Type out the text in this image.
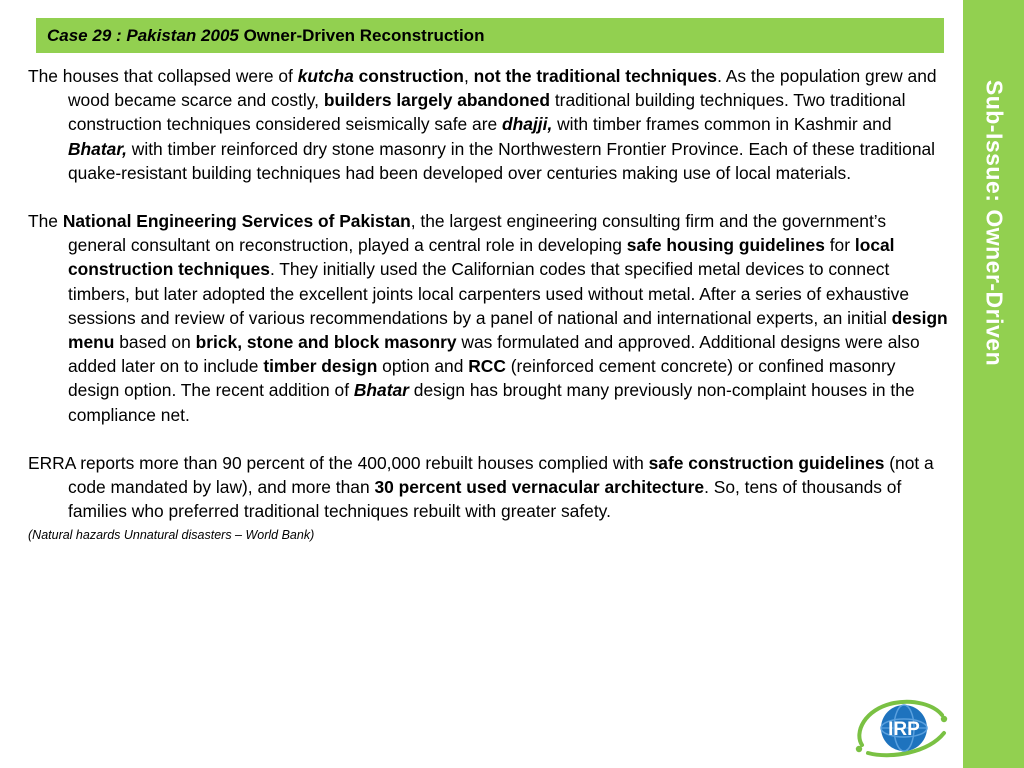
Case 29 : Pakistan 2005 Owner-Driven Reconstruction

The houses that collapsed were of kutcha construction, not the traditional techniques. As the population grew and wood became scarce and costly, builders largely abandoned traditional building techniques. Two traditional construction techniques considered seismically safe are dhajji, with timber frames common in Kashmir and Bhatar, with timber reinforced dry stone masonry in the Northwestern Frontier Province. Each of these traditional quake-resistant building techniques had been developed over centuries making use of local materials.

The National Engineering Services of Pakistan, the largest engineering consulting firm and the government’s general consultant on reconstruction, played a central role in developing safe housing guidelines for local construction techniques. They initially used the Californian codes that specified metal devices to connect timbers, but later adopted the excellent joints local carpenters used without metal. After a series of exhaustive sessions and review of various recommendations by a panel of national and international experts, an initial design menu based on brick, stone and block masonry was formulated and approved. Additional designs were also added later on to include timber design option and RCC (reinforced cement concrete) or confined masonry design option. The recent addition of Bhatar design has brought many previously non-complaint houses in the compliance net.

ERRA reports more than 90 percent of the 400,000 rebuilt houses complied with safe construction guidelines (not a code mandated by law), and more than 30 percent used vernacular architecture. So, tens of thousands of families who preferred traditional techniques rebuilt with greater safety.

(Natural hazards Unnatural disasters – World Bank)

Sub-Issue: Owner-Driven
IRP
